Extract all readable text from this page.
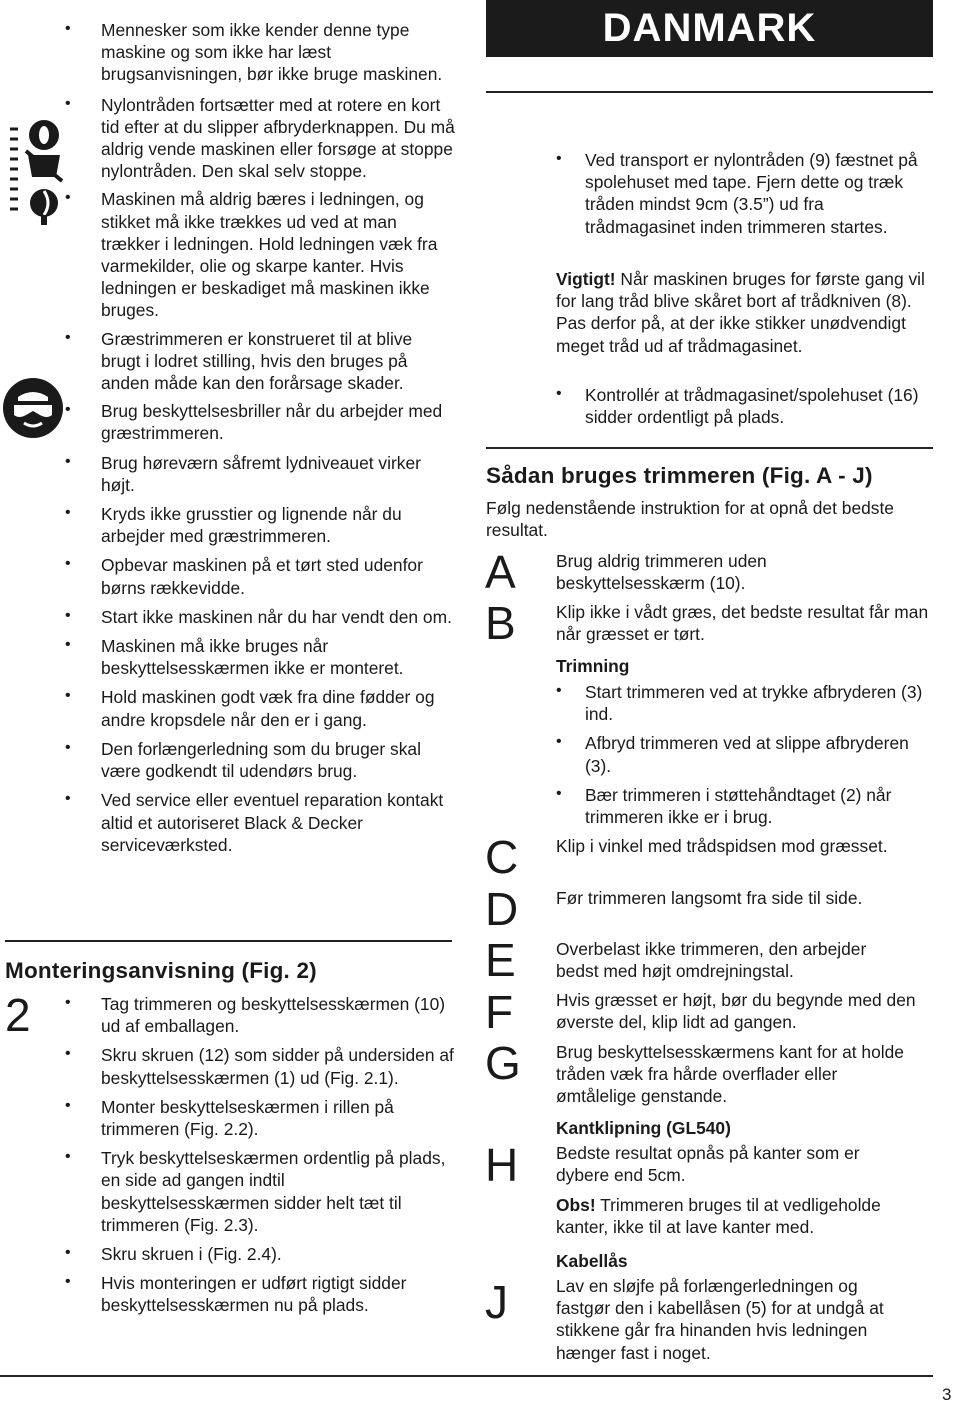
DANMARK
• Mennesker som ikke kender denne type maskine og som ikke har læst brugsanvisningen, bør ikke bruge maskinen.
• Nylontråden fortsætter med at rotere en kort tid efter at du slipper afbryderknappen. Du må aldrig vende maskinen eller forsøge at stoppe nylontråden. Den skal selv stoppe.
• Maskinen må aldrig bæres i ledningen, og stikket må ikke trækkes ud ved at man trækker i ledningen. Hold ledningen væk fra varmekilder, olie og skarpe kanter. Hvis ledningen er beskadiget må maskinen ikke bruges.
• Græstrimmeren er konstrueret til at blive brugt i lodret stilling, hvis den bruges på anden måde kan den forårsage skader.
• Brug beskyttelsesbriller når du arbejder med græstrimmeren.
• Brug høreværn såfremt lydniveauet virker højt.
• Kryds ikke grusstier og lignende når du arbejder med græstrimmeren.
• Opbevar maskinen på et tørt sted udenfor børns rækkevidde.
• Start ikke maskinen når du har vendt den om.
• Maskinen må ikke bruges når beskyttelsesskærmen ikke er monteret.
• Hold maskinen godt væk fra dine fødder og andre kropsdele når den er i gang.
• Den forlængerledning som du bruger skal være godkendt til udendørs brug.
• Ved service eller eventuel reparation kontakt altid et autoriseret Black & Decker serviceværksted.
Monteringsanvisning (Fig. 2)
2
•	Tag trimmeren og beskyttelsesskærmen (10) ud af emballagen.
• Skru skruen (12) som sidder på undersiden af beskyttelsesskærmen (1) ud (Fig. 2.1).
• Monter beskyttelseskærmen i rillen på trimmeren (Fig. 2.2).
• Tryk beskyttelseskærmen ordentlig på plads, en side ad gangen indtil beskyttelsesskærmen sidder helt tæt til trimmeren (Fig. 2.3).
• Skru skruen i (Fig. 2.4).
• Hvis monteringen er udført rigtigt sidder beskyttelsesskærmen nu på plads.
• Ved transport er nylontråden (9) fæstnet på spolehuset med tape. Fjern dette og træk tråden mindst 9cm (3.5”) ud fra trådmagasinet inden trimmeren startes.

Vigtigt! Når maskinen bruges for første gang vil for lang tråd blive skåret bort af trådkniven (8). Pas derfor på, at der ikke stikker unødvendigt meget tråd ud af trådmagasinet.

• Kontrollér at trådmagasinet/spolehuset (16) sidder ordentligt på plads.
Sådan bruges trimmeren (Fig. A - J)

Følg nedenstående instruktion for at opnå det bedste resultat.

A
B
C
D
E
F
G
H
J

Brug aldrig trimmeren uden beskyttelsesskærm (10).

Klip ikke i vådt græs, det bedste resultat får man når græsset er tørt.

Trimning
• Start trimmeren ved at trykke afbryderen (3) ind.
• Afbryd trimmeren ved at slippe afbryderen (3).
• Bær trimmeren i støttehåndtaget (2) når trimmeren ikke er i brug.

Klip i vinkel med trådspidsen mod græsset.

Før trimmeren langsomt fra side til side.

Overbelast ikke trimmeren, den arbejder bedst med højt omdrejningstal.

Hvis græsset er højt, bør du begynde med den øverste del, klip lidt ad gangen.

Brug beskyttelsesskærmens kant for at holde tråden væk fra hårde overflader eller ømtålelige genstande.

Kantklipning (GL540)

Bedste resultat opnås på kanter som er dybere end 5cm.

Obs! Trimmeren bruges til at vedligeholde kanter, ikke til at lave kanter med.

Kabellås

Lav en sløjfe på forlængerledningen og fastgør den i kabellåsen (5) for at undgå at stikkene går fra hinanden hvis ledningen hænger fast i noget.

3
